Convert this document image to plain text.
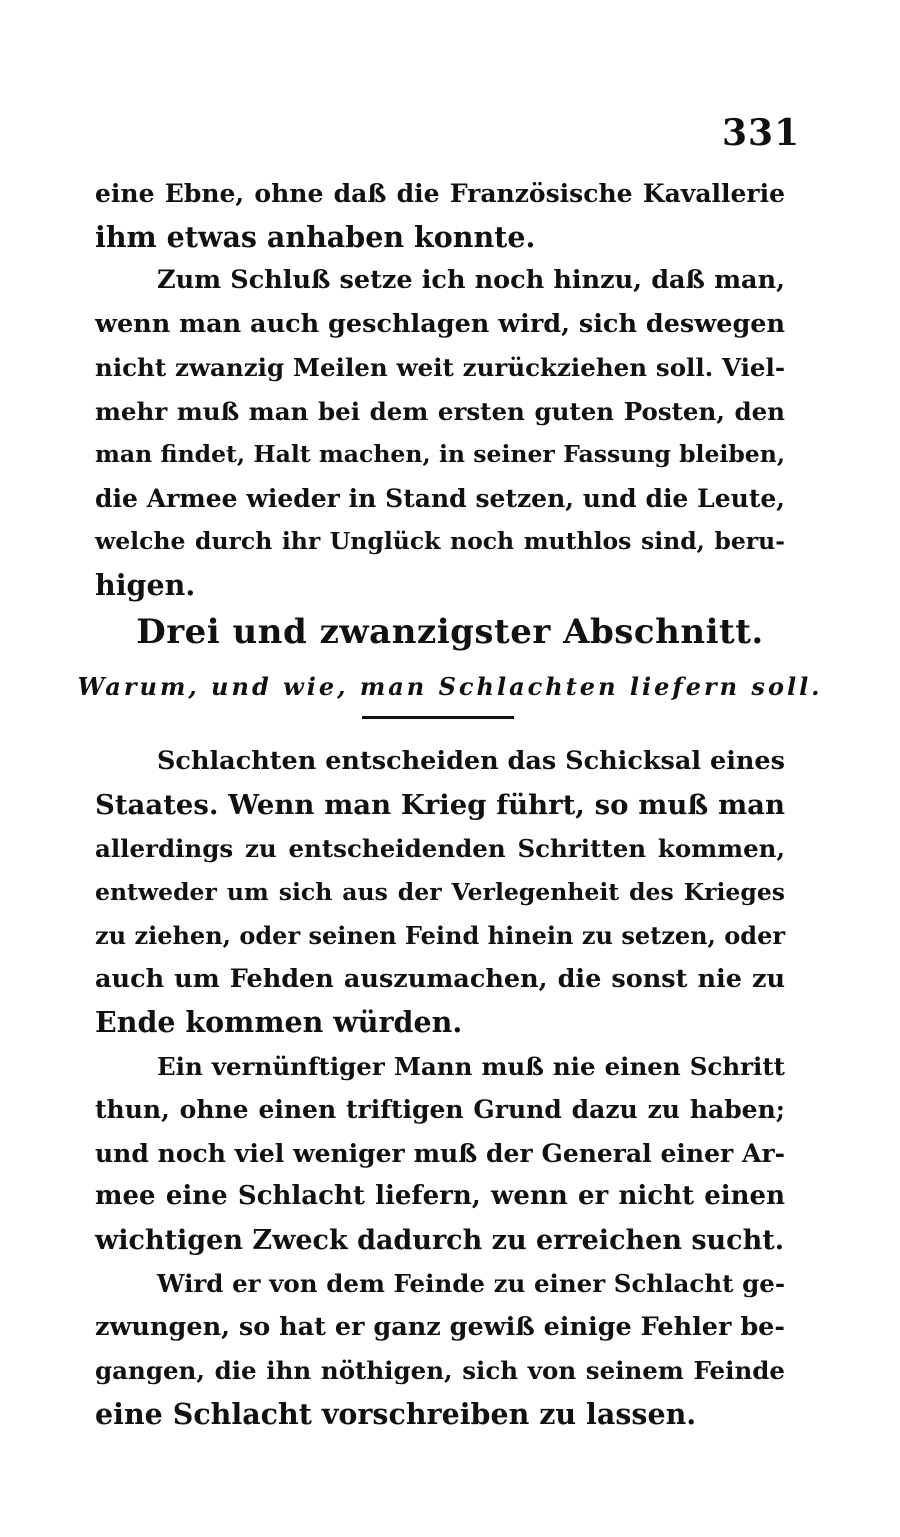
331
eine Ebne, ohne daß die Französische Kavallerie
ihm etwas anhaben konnte.
Zum Schluß setze ich noch hinzu, daß man,
wenn man auch geschlagen wird, sich deswegen
nicht zwanzig Meilen weit zurückziehen soll. Viel-
mehr muß man bei dem ersten guten Posten, den
man findet, Halt machen, in seiner Fassung bleiben,
die Armee wieder in Stand setzen, und die Leute,
welche durch ihr Unglück noch muthlos sind, beru-
higen.
Drei und zwanzigster Abschnitt.
Warum, und wie, man Schlachten liefern soll.
Schlachten entscheiden das Schicksal eines
Staates. Wenn man Krieg führt, so muß man
allerdings zu entscheidenden Schritten kommen,
entweder um sich aus der Verlegenheit des Krieges
zu ziehen, oder seinen Feind hinein zu setzen, oder
auch um Fehden auszumachen, die sonst nie zu
Ende kommen würden.
Ein vernünftiger Mann muß nie einen Schritt
thun, ohne einen triftigen Grund dazu zu haben;
und noch viel weniger muß der General einer Ar-
mee eine Schlacht liefern, wenn er nicht einen
wichtigen Zweck dadurch zu erreichen sucht.
Wird er von dem Feinde zu einer Schlacht ge-
zwungen, so hat er ganz gewiß einige Fehler be-
gangen, die ihn nöthigen, sich von seinem Feinde
eine Schlacht vorschreiben zu lassen.
